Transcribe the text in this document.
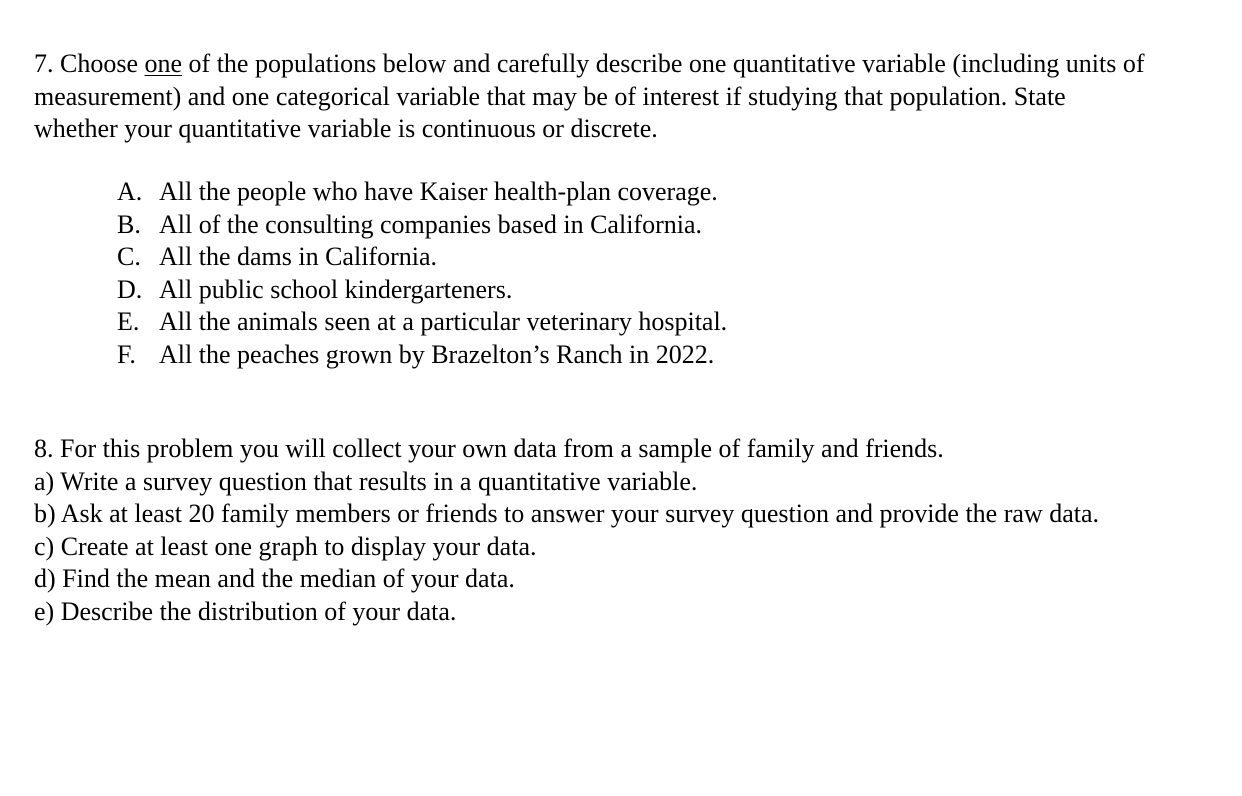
7. Choose one of the populations below and carefully describe one quantitative variable (including units of
measurement) and one categorical variable that may be of interest if studying that population. State
whether your quantitative variable is continuous or discrete.
A. All the people who have Kaiser health-plan coverage.
B. All of the consulting companies based in California.
C. All the dams in California.
D. All public school kindergarteners.
E. All the animals seen at a particular veterinary hospital.
F. All the peaches grown by Brazelton’s Ranch in 2022.
8. For this problem you will collect your own data from a sample of family and friends.
a) Write a survey question that results in a quantitative variable.
b) Ask at least 20 family members or friends to answer your survey question and provide the raw data.
c) Create at least one graph to display your data.
d) Find the mean and the median of your data.
e) Describe the distribution of your data.
